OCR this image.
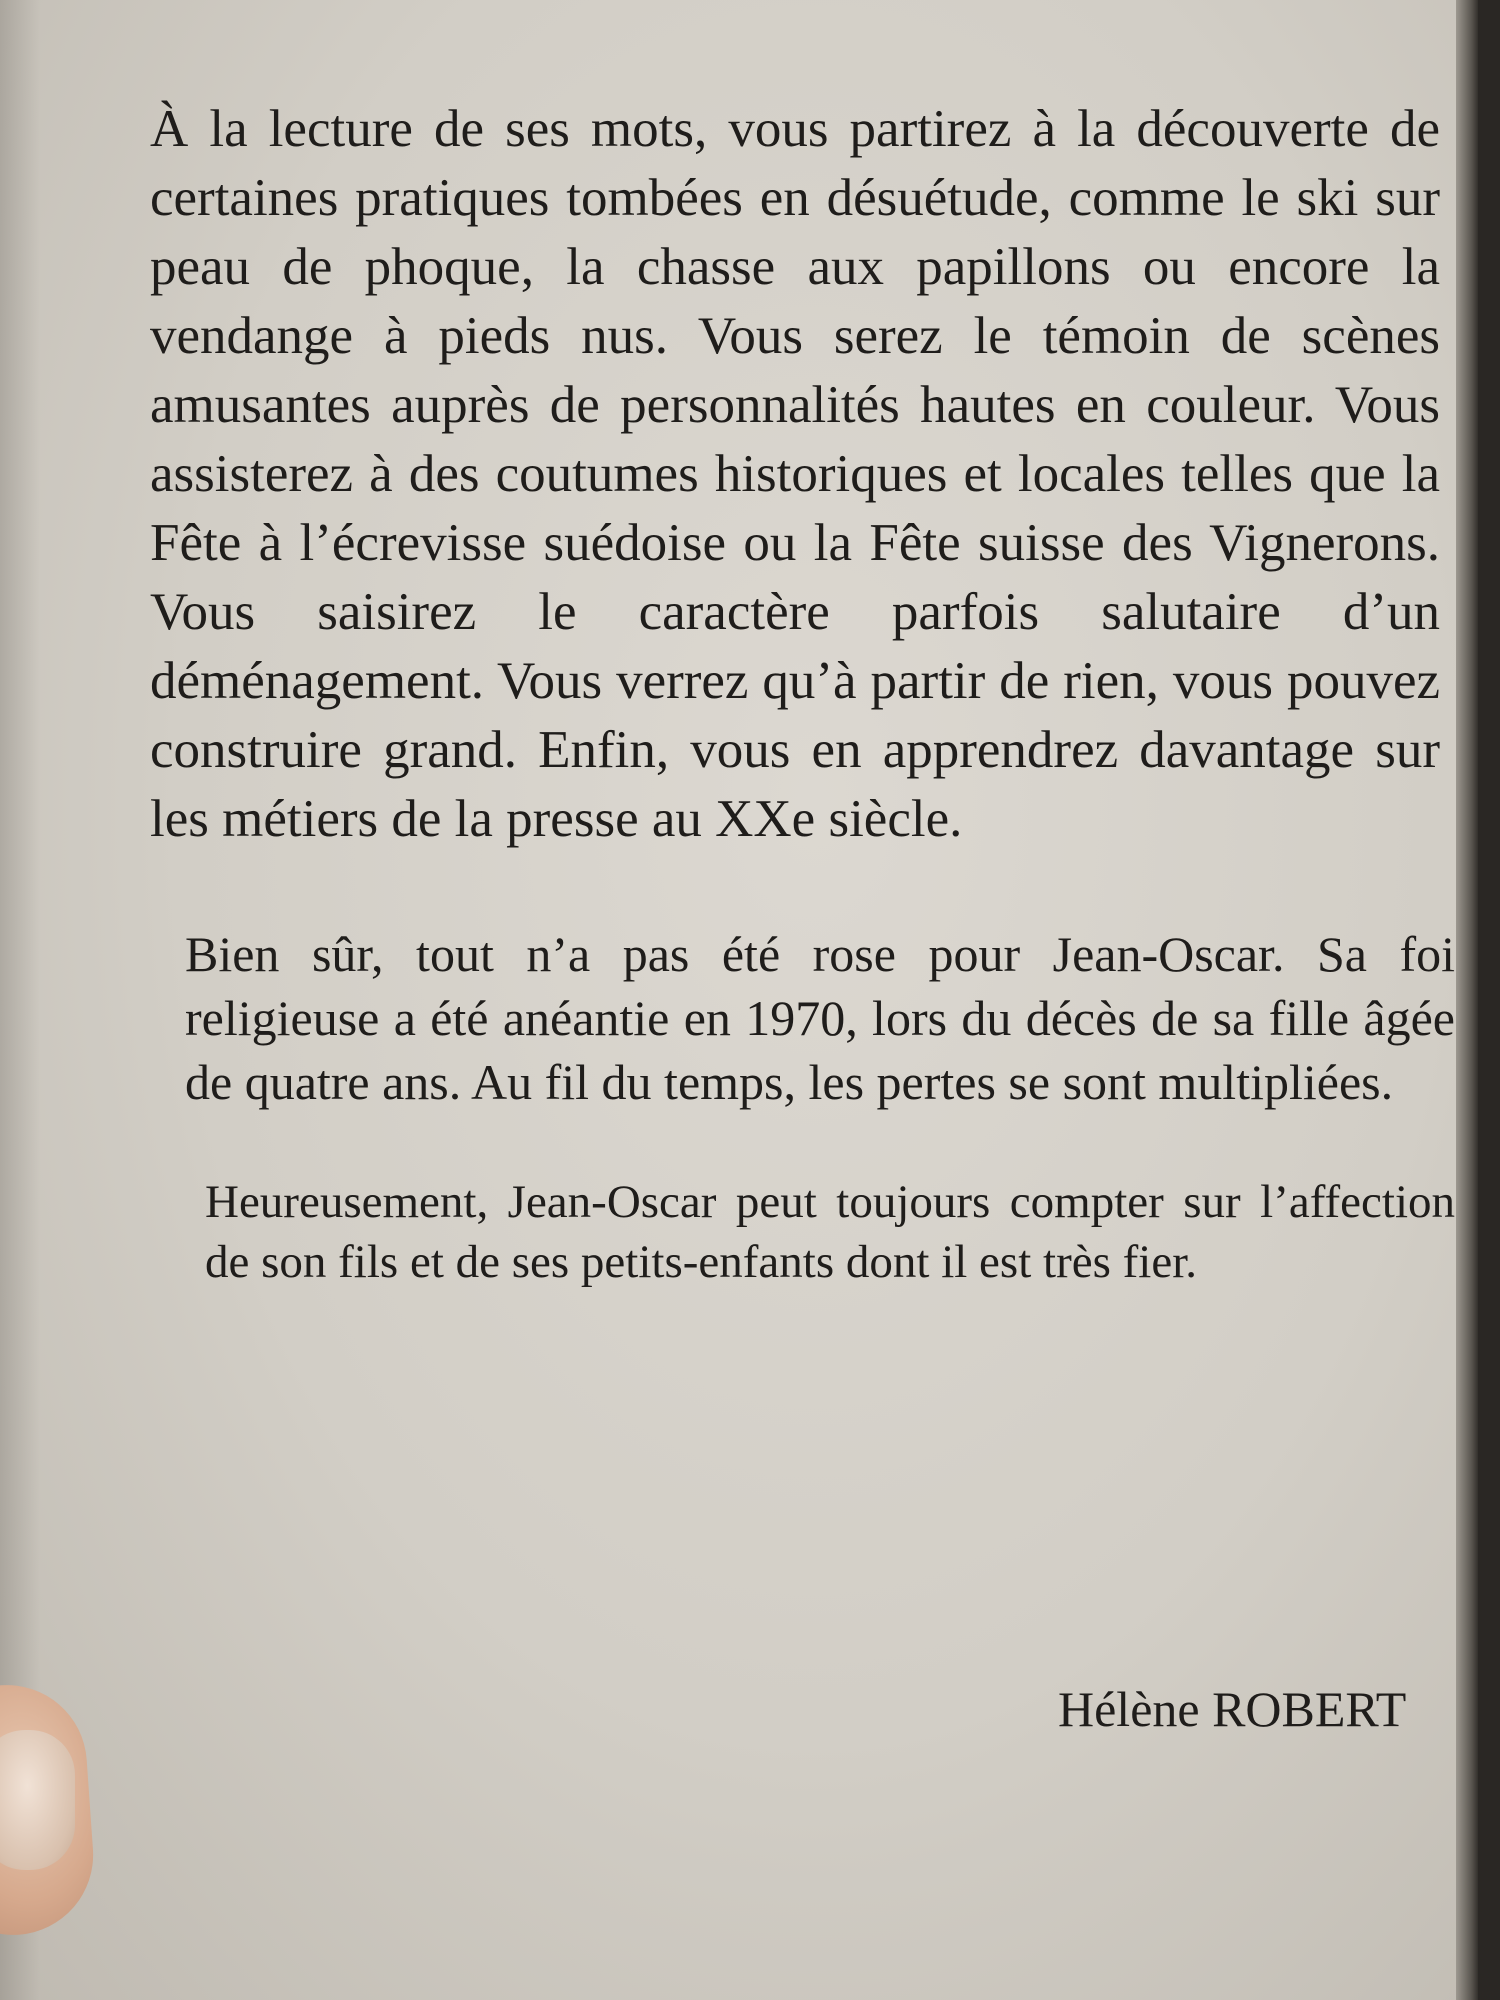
À la lecture de ses mots, vous partirez à la découverte de certaines pratiques tombées en désuétude, comme le ski sur peau de phoque, la chasse aux papillons ou encore la vendange à pieds nus. Vous serez le témoin de scènes amusantes auprès de personnalités hautes en couleur. Vous assisterez à des coutumes historiques et locales telles que la Fête à l’écrevisse suédoise ou la Fête suisse des Vignerons. Vous saisirez le caractère parfois salutaire d’un déménagement. Vous verrez qu’à partir de rien, vous pouvez construire grand. Enfin, vous en apprendrez davantage sur les métiers de la presse au XXe siècle.

Bien sûr, tout n’a pas été rose pour Jean-Oscar. Sa foi religieuse a été anéantie en 1970, lors du décès de sa fille âgée de quatre ans. Au fil du temps, les pertes se sont multipliées.

Heureusement, Jean-Oscar peut toujours compter sur l’affection de son fils et de ses petits-enfants dont il est très fier.

Hélène ROBERT
